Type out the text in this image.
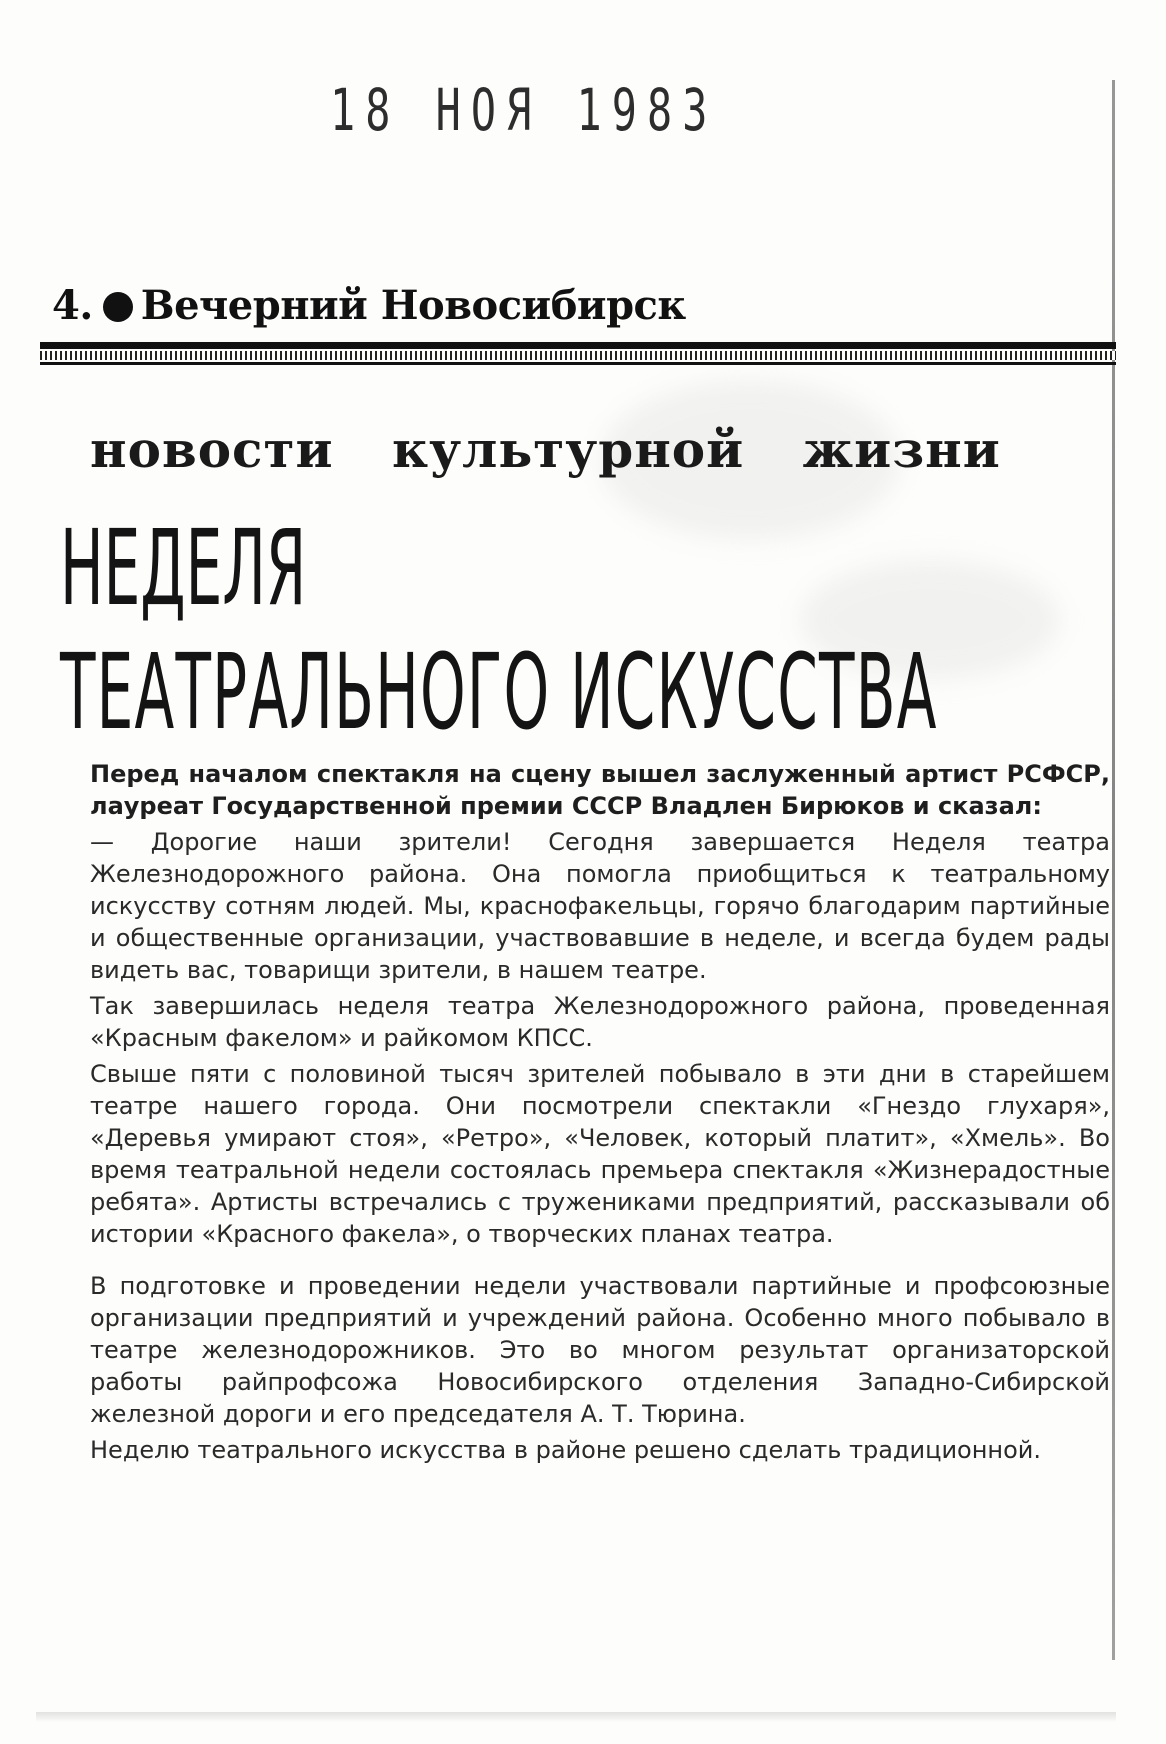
18 НОЯ 1983
4. Вечерний Новосибирск
новости культурной жизни
НЕДЕЛЯ
ТЕАТРАЛЬНОГО ИСКУССТВА

Перед началом спектакля на сцену вышел заслуженный артист РСФСР, лауреат Государственной премии СССР Владлен Бирюков и сказал:

— Дорогие наши зрители! Сегодня завершается Неделя театра Железнодорожного района. Она помогла приобщиться к театральному искусству сотням людей. Мы, краснофакельцы, горячо благодарим партийные и общественные организации, участвовавшие в неделе, и всегда будем рады видеть вас, товарищи зрители, в нашем театре.

Так завершилась неделя театра Железнодорожного района, проведенная «Красным факелом» и райкомом КПСС.

Свыше пяти с половиной тысяч зрителей побывало в эти дни в старейшем театре нашего города. Они посмотрели спектакли «Гнездо глухаря», «Деревья умирают стоя», «Ретро», «Человек, который платит», «Хмель». Во время театральной недели состоялась премьера спектакля «Жизнерадостные ребята». Артисты встречались с тружениками предприятий, рассказывали об истории «Красного факела», о творческих планах театра.

В подготовке и проведении недели участвовали партийные и профсоюзные организации предприятий и учреждений района. Особенно много побывало в театре железнодорожников. Это во многом результат организаторской работы райпрофсожа Новосибирского отделения Западно-Сибирской железной дороги и его председателя А. Т. Тюрина.

Неделю театрального искусства в районе решено сделать традиционной.
